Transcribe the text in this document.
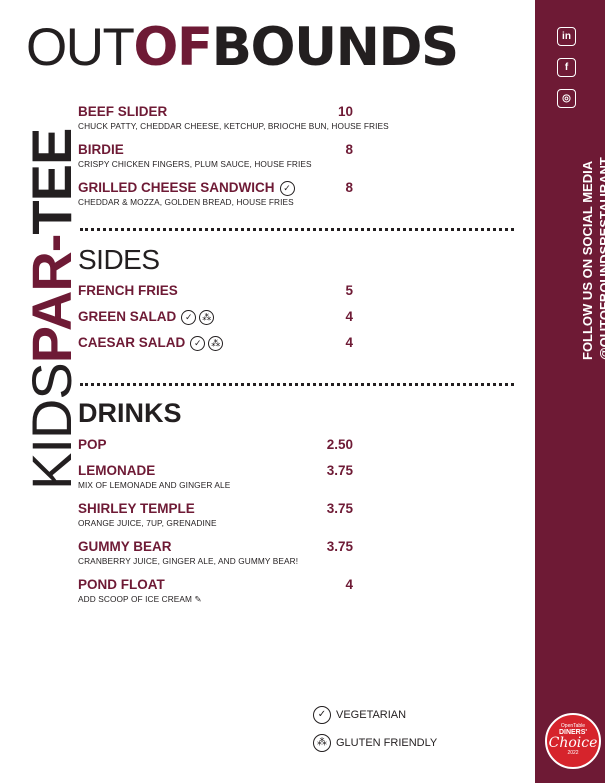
OUTOFBOUNDS
KIDSPAR-TEE
BEEF SLIDER
CHUCK PATTY, CHEDDAR CHEESE, KETCHUP, BRIOCHE BUN, HOUSE FRIES
10
BIRDIE
CRISPY CHICKEN FINGERS, PLUM SAUCE, HOUSE FRIES
8
GRILLED CHEESE SANDWICH ✓
CHEDDAR & MOZZA, GOLDEN BREAD, HOUSE FRIES
8
SIDES
FRENCH FRIES	5
GREEN SALAD ✓ ⁂	4
CAESAR SALAD ✓ ⁂	4
DRINKS
POP	2.50
LEMONADE
MIX OF LEMONADE AND GINGER ALE
3.75
SHIRLEY TEMPLE
ORANGE JUICE, 7UP, GRENADINE
3.75
GUMMY BEAR
CRANBERRY JUICE, GINGER ALE, AND GUMMY BEAR!
3.75
POND FLOAT
ADD SCOOP OF ICE CREAM ✎
4
✓ VEGETARIAN
⁂ GLUTEN FRIENDLY
in
f
◎
FOLLOW US ON SOCIAL MEDIA @OUTOFBOUNDSRESTAURANT
OpenTable
DINERS'
Choice
2022
